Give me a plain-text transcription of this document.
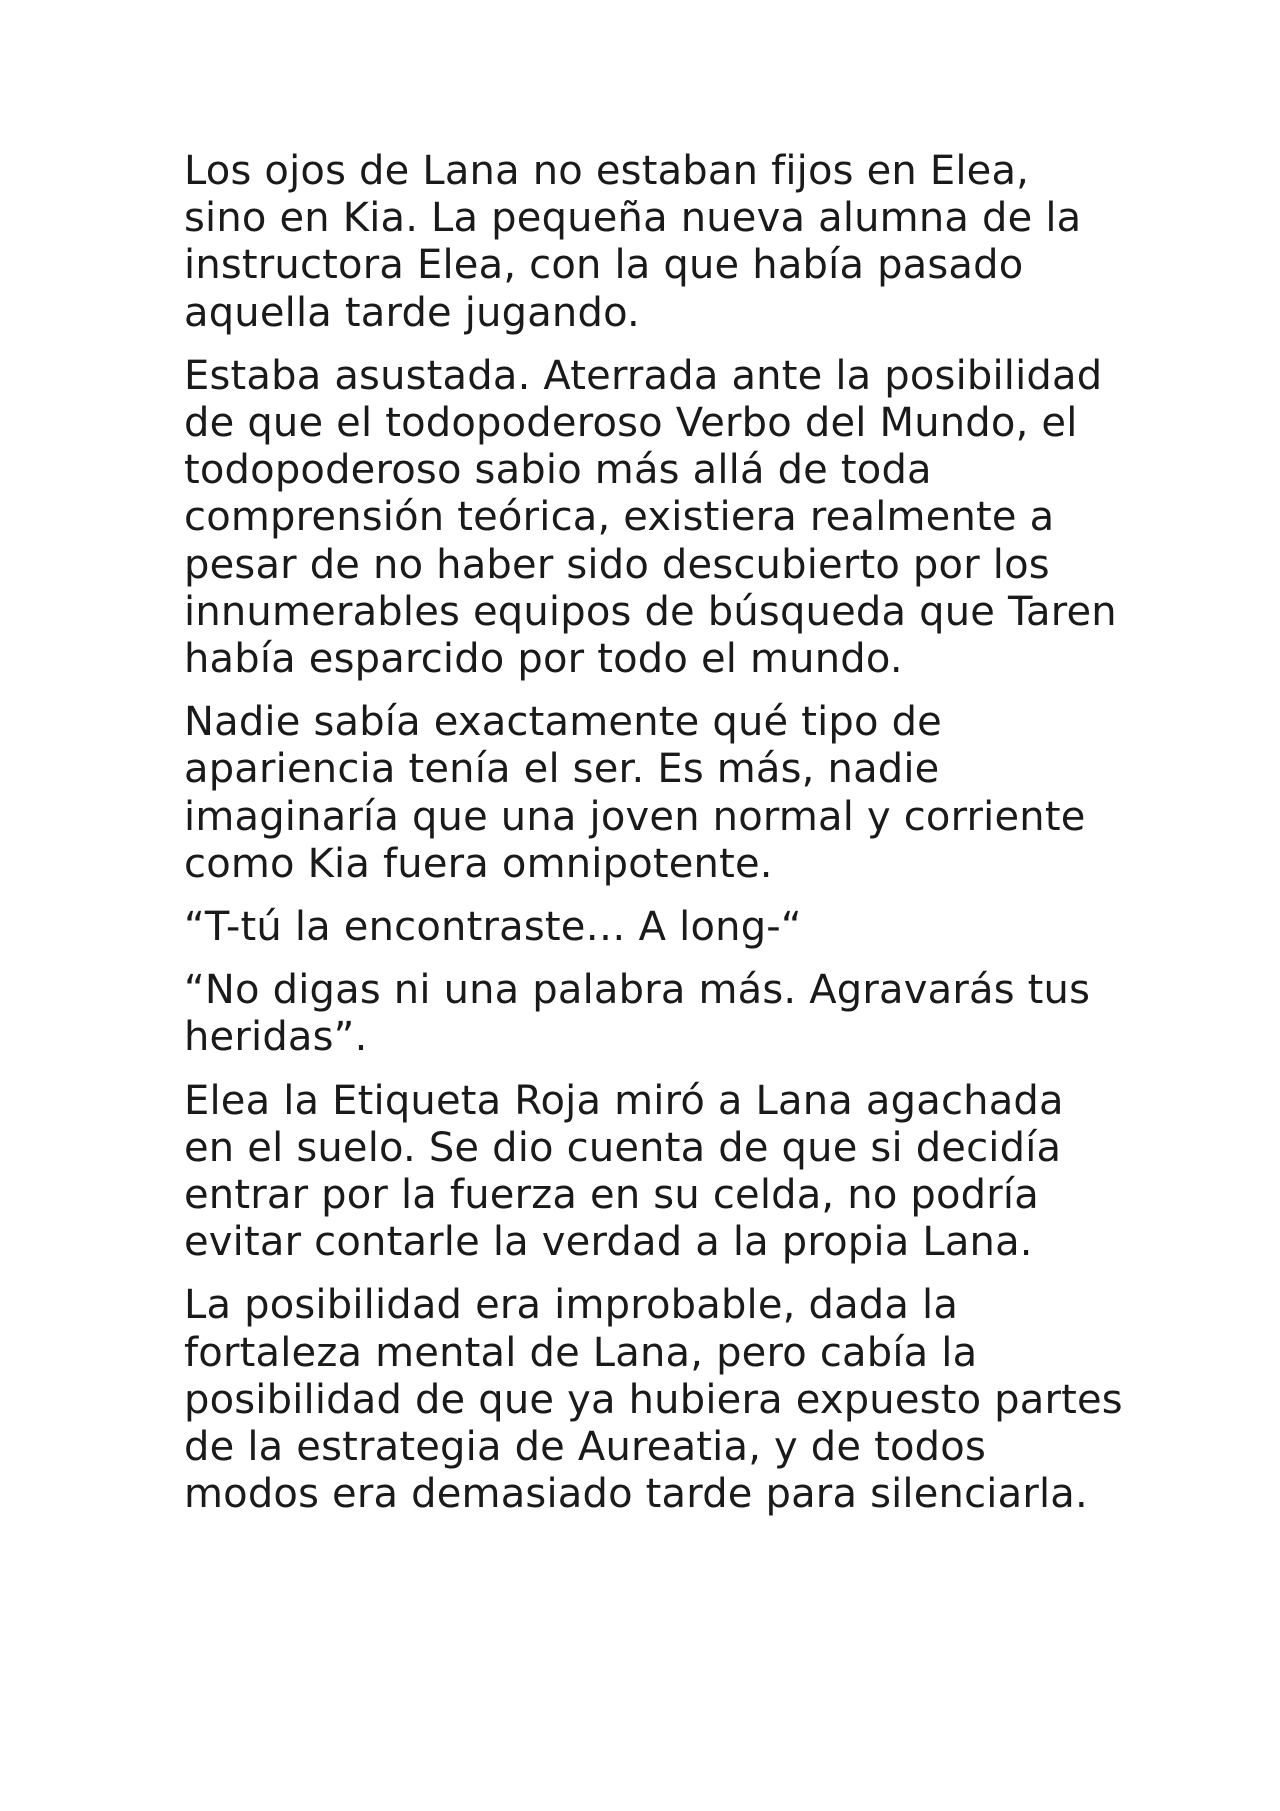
Los ojos de Lana no estaban fijos en Elea, sino en Kia. La pequeña nueva alumna de la instructora Elea, con la que había pasado aquella tarde jugando.

Estaba asustada. Aterrada ante la posibilidad de que el todopoderoso Verbo del Mundo, el todopoderoso sabio más allá de toda comprensión teórica, existiera realmente a pesar de no haber sido descubierto por los innumerables equipos de búsqueda que Taren había esparcido por todo el mundo.

Nadie sabía exactamente qué tipo de apariencia tenía el ser. Es más, nadie imaginaría que una joven normal y corriente como Kia fuera omnipotente.

“T-tú la encontraste… A long-“

“No digas ni una palabra más. Agravarás tus heridas”.

Elea la Etiqueta Roja miró a Lana agachada en el suelo. Se dio cuenta de que si decidía entrar por la fuerza en su celda, no podría evitar contarle la verdad a la propia Lana.

La posibilidad era improbable, dada la fortaleza mental de Lana, pero cabía la posibilidad de que ya hubiera expuesto partes de la estrategia de Aureatia, y de todos modos era demasiado tarde para silenciarla.
